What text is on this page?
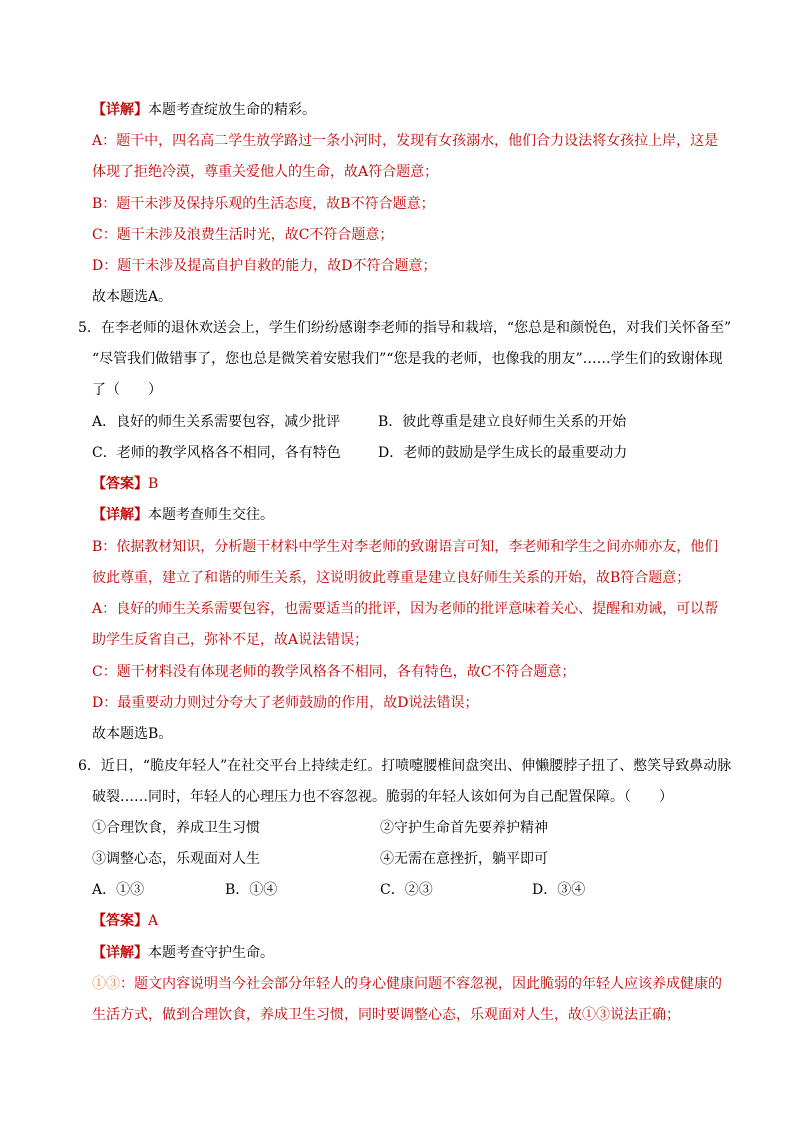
【详解】本题考查绽放生命的精彩。
A：题干中，四名高二学生放学路过一条小河时，发现有女孩溺水，他们合力设法将女孩拉上岸，这是
体现了拒绝冷漠，尊重关爱他人的生命，故A符合题意；
B：题干未涉及保持乐观的生活态度，故B不符合题意；
C：题干未涉及浪费生活时光，故C不符合题意；
D：题干未涉及提高自护自救的能力，故D不符合题意；
故本题选A。
5．在李老师的退休欢送会上，学生们纷纷感谢李老师的指导和栽培，“您总是和颜悦色，对我们关怀备至”
“尽管我们做错事了，您也总是微笑着安慰我们”“您是我的老师，也像我的朋友”……学生们的致谢体现
了（　　）
A．良好的师生关系需要包容，减少批评	B．彼此尊重是建立良好师生关系的开始
C．老师的教学风格各不相同，各有特色	D．老师的鼓励是学生成长的最重要动力
【答案】B
【详解】本题考查师生交往。
B：依据教材知识，分析题干材料中学生对李老师的致谢语言可知，李老师和学生之间亦师亦友，他们
彼此尊重，建立了和谐的师生关系，这说明彼此尊重是建立良好师生关系的开始，故B符合题意；
A：良好的师生关系需要包容，也需要适当的批评，因为老师的批评意味着关心、提醒和劝诫，可以帮
助学生反省自己，弥补不足，故A说法错误；
C：题干材料没有体现老师的教学风格各不相同，各有特色，故C不符合题意；
D：最重要动力则过分夸大了老师鼓励的作用，故D说法错误；
故本题选B。
6．近日，“脆皮年轻人”在社交平台上持续走红。打喷嚏腰椎间盘突出、伸懒腰脖子扭了、憋笑导致鼻动脉
破裂……同时，年轻人的心理压力也不容忽视。脆弱的年轻人该如何为自己配置保障。（　　）
①合理饮食，养成卫生习惯	②守护生命首先要养护精神
③调整心态，乐观面对人生	④无需在意挫折，躺平即可
A．①③	B．①④	C．②③	D．③④
【答案】A
【详解】本题考查守护生命。
①③：题文内容说明当今社会部分年轻人的身心健康问题不容忽视，因此脆弱的年轻人应该养成健康的
生活方式，做到合理饮食，养成卫生习惯，同时要调整心态，乐观面对人生，故①③说法正确；
